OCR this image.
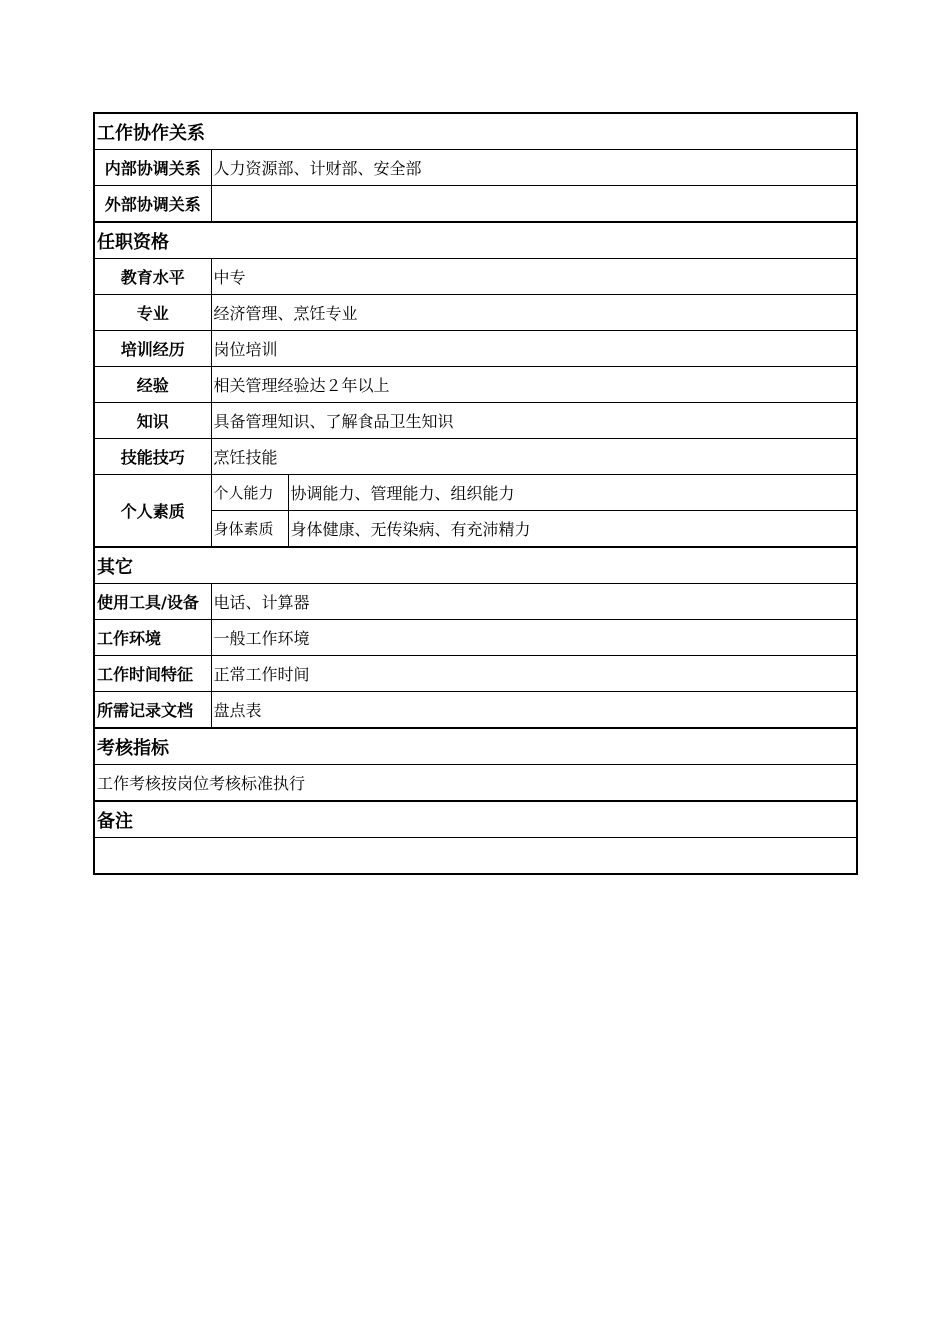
工作协作关系		
内部协调关系	人力资源部、计财部、安全部	
外部协调关系		
任职资格		
教育水平	中专	
专业	经济管理、烹饪专业	
培训经历	岗位培训	
经验	相关管理经验达２年以上	
知识	具备管理知识、了解食品卫生知识	
技能技巧	烹饪技能	
个人素质	个人能力	协调能力、管理能力、组织能力
	身体素质	身体健康、无传染病、有充沛精力
其它		
使用工具/设备	电话、计算器	
工作环境	一般工作环境	
工作时间特征	正常工作时间	
所需记录文档	盘点表	
考核指标		
工作考核按岗位考核标准执行		
备注		
